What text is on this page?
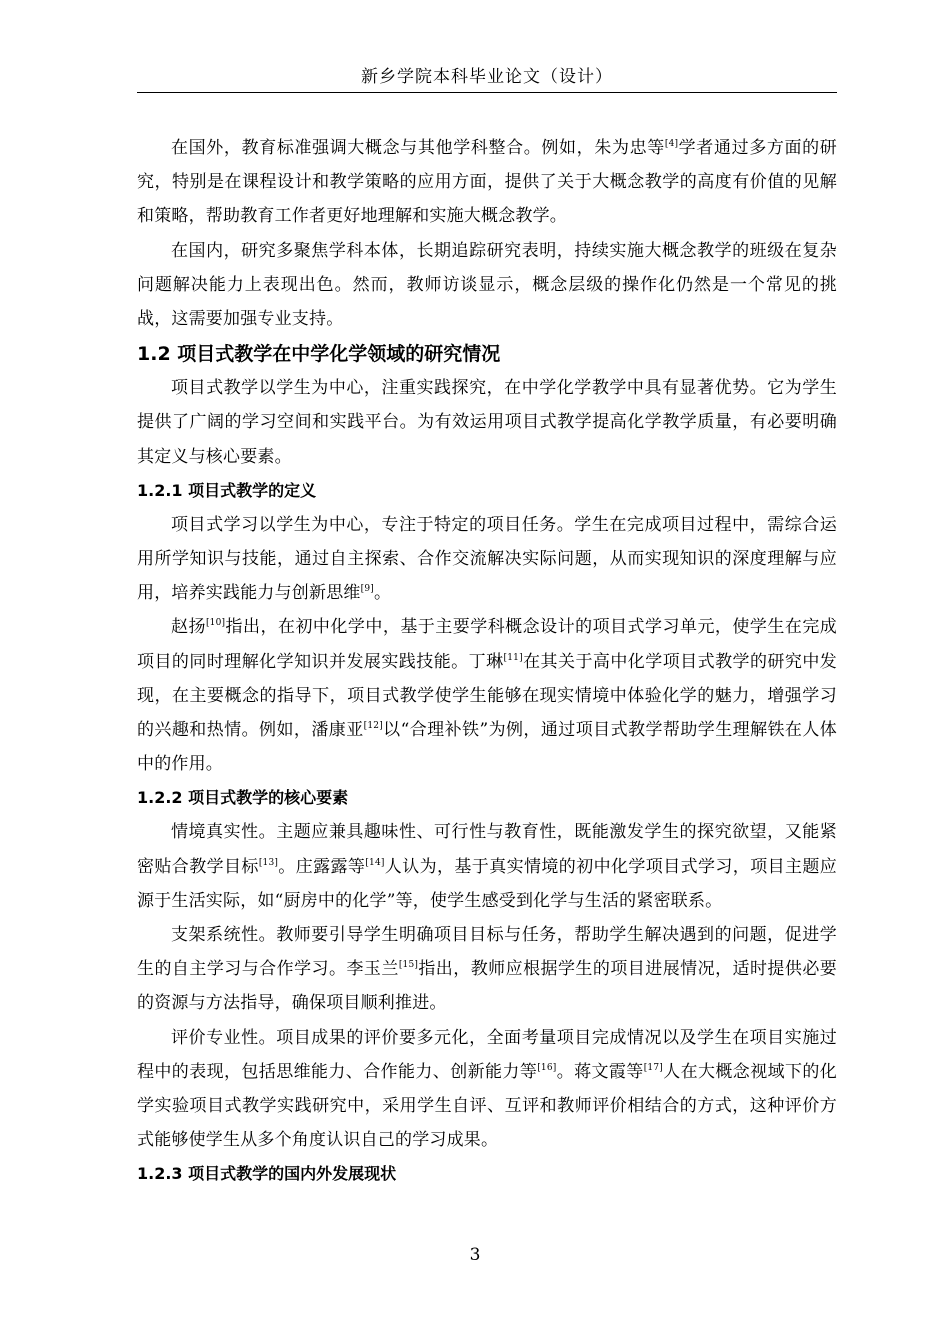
新乡学院本科毕业论文（设计）

在国外，教育标准强调大概念与其他学科整合。例如，朱为忠等[4]学者通过多方面的研究，特别是在课程设计和教学策略的应用方面，提供了关于大概念教学的高度有价值的见解和策略，帮助教育工作者更好地理解和实施大概念教学。

在国内，研究多聚焦学科本体，长期追踪研究表明，持续实施大概念教学的班级在复杂问题解决能力上表现出色。然而，教师访谈显示，概念层级的操作化仍然是一个常见的挑战，这需要加强专业支持。

1.2 项目式教学在中学化学领域的研究情况

项目式教学以学生为中心，注重实践探究，在中学化学教学中具有显著优势。它为学生提供了广阔的学习空间和实践平台。为有效运用项目式教学提高化学教学质量，有必要明确其定义与核心要素。

1.2.1 项目式教学的定义

项目式学习以学生为中心，专注于特定的项目任务。学生在完成项目过程中，需综合运用所学知识与技能，通过自主探索、合作交流解决实际问题，从而实现知识的深度理解与应用，培养实践能力与创新思维[9]。

赵扬[10]指出，在初中化学中，基于主要学科概念设计的项目式学习单元，使学生在完成项目的同时理解化学知识并发展实践技能。丁琳[11]在其关于高中化学项目式教学的研究中发现，在主要概念的指导下，项目式教学使学生能够在现实情境中体验化学的魅力，增强学习的兴趣和热情。例如，潘康亚[12]以“合理补铁”为例，通过项目式教学帮助学生理解铁在人体中的作用。

1.2.2 项目式教学的核心要素

情境真实性。主题应兼具趣味性、可行性与教育性，既能激发学生的探究欲望，又能紧密贴合教学目标[13]。庄露露等[14]人认为，基于真实情境的初中化学项目式学习，项目主题应源于生活实际，如“厨房中的化学”等，使学生感受到化学与生活的紧密联系。

支架系统性。教师要引导学生明确项目目标与任务，帮助学生解决遇到的问题，促进学生的自主学习与合作学习。李玉兰[15]指出，教师应根据学生的项目进展情况，适时提供必要的资源与方法指导，确保项目顺利推进。

评价专业性。项目成果的评价要多元化，全面考量项目完成情况以及学生在项目实施过程中的表现，包括思维能力、合作能力、创新能力等[16]。蒋文霞等[17]人在大概念视域下的化学实验项目式教学实践研究中，采用学生自评、互评和教师评价相结合的方式，这种评价方式能够使学生从多个角度认识自己的学习成果。

1.2.3 项目式教学的国内外发展现状
3
